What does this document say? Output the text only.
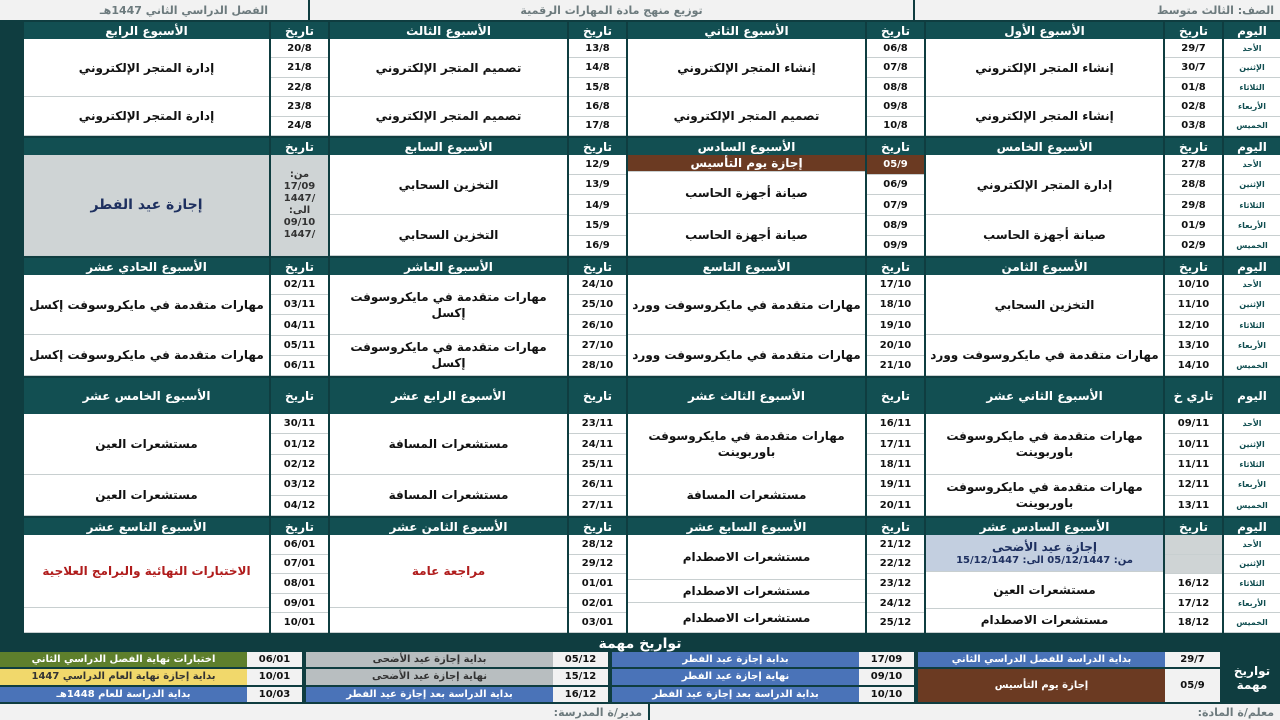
الصف: الثالث متوسط
توزيع منهج مادة المهارات الرقمية
الفصل الدراسي الثاني 1447هـ
اليوم
الأحد
الإثنين
الثلاثاء
الأربعاء
الخميس
تاريخ
29/7
30/7
01/8
02/8
03/8
الأسبوع الأول
إنشاء المتجر الإلكتروني
إنشاء المتجر الإلكتروني
تاريخ
06/8
07/8
08/8
09/8
10/8
الأسبوع الثاني
إنشاء المتجر الإلكتروني
تصميم المتجر الإلكتروني
تاريخ
13/8
14/8
15/8
16/8
17/8
الأسبوع الثالث
تصميم المتجر الإلكتروني
تصميم المتجر الإلكتروني
تاريخ
20/8
21/8
22/8
23/8
24/8
الأسبوع الرابع
إدارة المتجر الإلكتروني
إدارة المتجر الإلكتروني
اليوم
الأحد
الإثنين
الثلاثاء
الأربعاء
الخميس
تاريخ
27/8
28/8
29/8
01/9
02/9
الأسبوع الخامس
إدارة المتجر الإلكتروني
صيانة أجهزة الحاسب
تاريخ
05/9
06/9
07/9
08/9
09/9
الأسبوع السادس
إجازة يوم التأسيس
صيانة أجهزة الحاسب
صيانة أجهزة الحاسب
تاريخ
12/9
13/9
14/9
15/9
16/9
الأسبوع السابع
التخزين السحابي
التخزين السحابي
تاريخ
من:
17/09
/1447
الى:
09/10
/1447
إجازة عيد الفطر
اليوم
الأحد
الإثنين
الثلاثاء
الأربعاء
الخميس
تاريخ
10/10
11/10
12/10
13/10
14/10
الأسبوع الثامن
التخزين السحابي
مهارات متقدمة في مايكروسوفت وورد
تاريخ
17/10
18/10
19/10
20/10
21/10
الأسبوع التاسع
مهارات متقدمة في مايكروسوفت وورد
مهارات متقدمة في مايكروسوفت وورد
تاريخ
24/10
25/10
26/10
27/10
28/10
الأسبوع العاشر
مهارات متقدمة في مايكروسوفت إكسل
مهارات متقدمة في مايكروسوفت إكسل
تاريخ
02/11
03/11
04/11
05/11
06/11
الأسبوع الحادي عشر
مهارات متقدمة في مايكروسوفت إكسل
مهارات متقدمة في مايكروسوفت إكسل
اليوم
الأحد
الإثنين
الثلاثاء
الأربعاء
الخميس
تاري خ
09/11
10/11
11/11
12/11
13/11
الأسبوع الثاني عشر
مهارات متقدمة في مايكروسوفت باوربوينت
مهارات متقدمة في مايكروسوفت باوربوينت
تاريخ
16/11
17/11
18/11
19/11
20/11
الأسبوع الثالث عشر
مهارات متقدمة في مايكروسوفت باوربوينت
مستشعرات المسافة
تاريخ
23/11
24/11
25/11
26/11
27/11
الأسبوع الرابع عشر
مستشعرات المسافة
مستشعرات المسافة
تاريخ
30/11
01/12
02/12
03/12
04/12
الأسبوع الخامس عشر
مستشعرات العين
مستشعرات العين
اليوم
الأحد
الإثنين
الثلاثاء
الأربعاء
الخميس
تاريخ
16/12
17/12
18/12
الأسبوع السادس عشر
إجازة عيد الأضحى
من: 05/12/1447 الى: 15/12/1447
مستشعرات العين
مستشعرات الاصطدام
تاريخ
21/12
22/12
23/12
24/12
25/12
الأسبوع السابع عشر
مستشعرات الاصطدام
مستشعرات الاصطدام
مستشعرات الاصطدام
تاريخ
28/12
29/12
01/01
02/01
03/01
الأسبوع الثامن عشر
مراجعة عامة
تاريخ
06/01
07/01
08/01
09/01
10/01
الأسبوع التاسع عشر
الاختبارات النهائية والبرامج العلاجية
تواريخ مهمة
تواريخ مهمة
29/7
بداية الدراسة للفصل الدراسي الثاني
05/9
إجازة يوم التأسيس
17/09
بداية إجازة عيد الفطر
09/10
نهاية إجازة عيد الفطر
10/10
بداية الدراسة بعد إجازة عيد الفطر
05/12
بداية إجازة عيد الأضحى
15/12
نهاية إجازة عيد الأضحى
16/12
بداية الدراسة بعد إجازة عيد الفطر
06/01
اختبارات نهاية الفصل الدراسي الثاني
10/01
بداية إجازة نهاية العام الدراسي 1447
10/03
بداية الدراسة للعام 1448هـ
معلم/ة المادة:
مدير/ة المدرسة:
